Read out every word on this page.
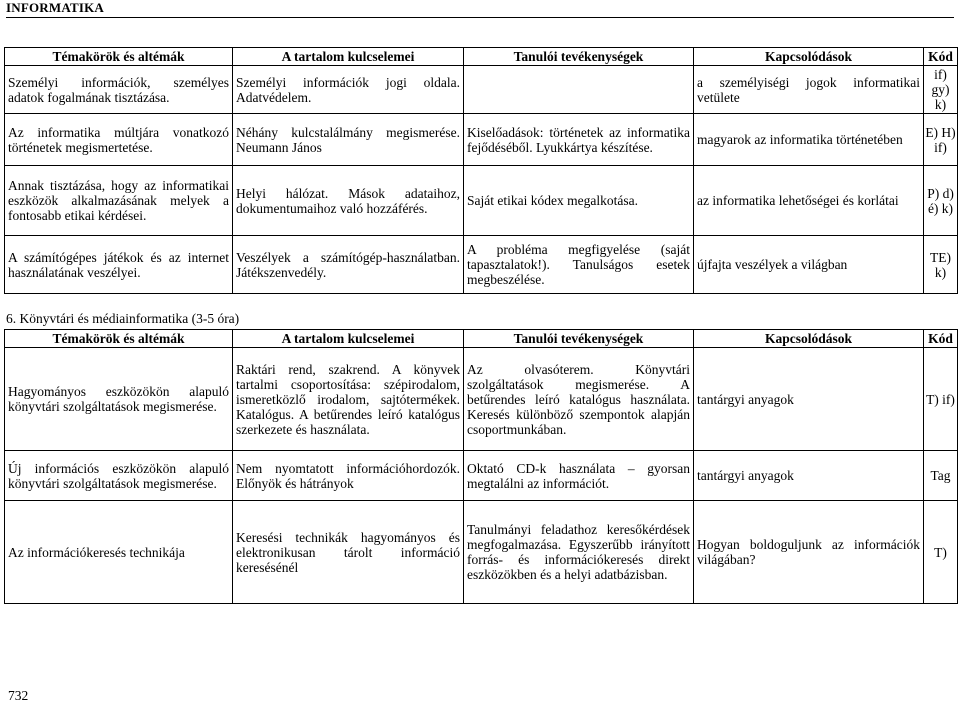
INFORMATIKA
Témakörök és altémák	A tartalom kulcselemei	Tanulói tevékenységek	Kapcsolódások	Kód
Személyi információk, személyes adatok fogalmának tisztázása.	Személyi információk jogi oldala. Adatvédelem.		a személyiségi jogok informatikai vetülete	if) gy) k)
Az informatika múltjára vonatkozó történetek megismertetése.	Néhány kulcstalálmány megismerése. Neumann János	Kiselőadások: történetek az informatika fejődéséből. Lyukkártya készítése.	magyarok az informatika történetében	E) H) if)
Annak tisztázása, hogy az informatikai eszközök alkalmazásának melyek a fontosabb etikai kérdései.	Helyi hálózat. Mások adataihoz, dokumentumaihoz való hozzáférés.	Saját etikai kódex megalkotása.	az informatika lehetőségei és korlátai	P) d) é) k)
A számítógépes játékok és az internet használatának veszélyei.	Veszélyek a számítógép-használatban. Játékszenvedély.	A probléma megfigyelése (saját tapasztalatok!). Tanulságos esetek megbeszélése.	újfajta veszélyek a világban	TE) k)
6. Könyvtári és médiainformatika (3-5 óra)
Témakörök és altémák	A tartalom kulcselemei	Tanulói tevékenységek	Kapcsolódások	Kód
Hagyományos eszközökön alapuló könyvtári szolgáltatások megismerése.	Raktári rend, szakrend. A könyvek tartalmi csoportosítása: szépirodalom, ismeretközlő irodalom, sajtótermékek. Katalógus. A betűrendes leíró katalógus szerkezete és használata.	Az olvasóterem. Könyvtári szolgáltatások megismerése. A betűrendes leíró katalógus használata. Keresés különböző szempontok alapján csoportmunkában.	tantárgyi anyagok	T) if)
Új információs eszközökön alapuló könyvtári szolgáltatások megismerése.	Nem nyomtatott információhordozók. Előnyök és hátrányok	Oktató CD-k használata – gyorsan megtalálni az információt.	tantárgyi anyagok	Tag
Az információkeresés technikája	Keresési technikák hagyományos és elektronikusan tárolt információ keresésénél	Tanulmányi feladathoz keresőkérdések megfogalmazása. Egyszerűbb irányított forrás- és információkeresés direkt eszközökben és a helyi adatbázisban.	Hogyan boldoguljunk az információk világában?	T)
732
